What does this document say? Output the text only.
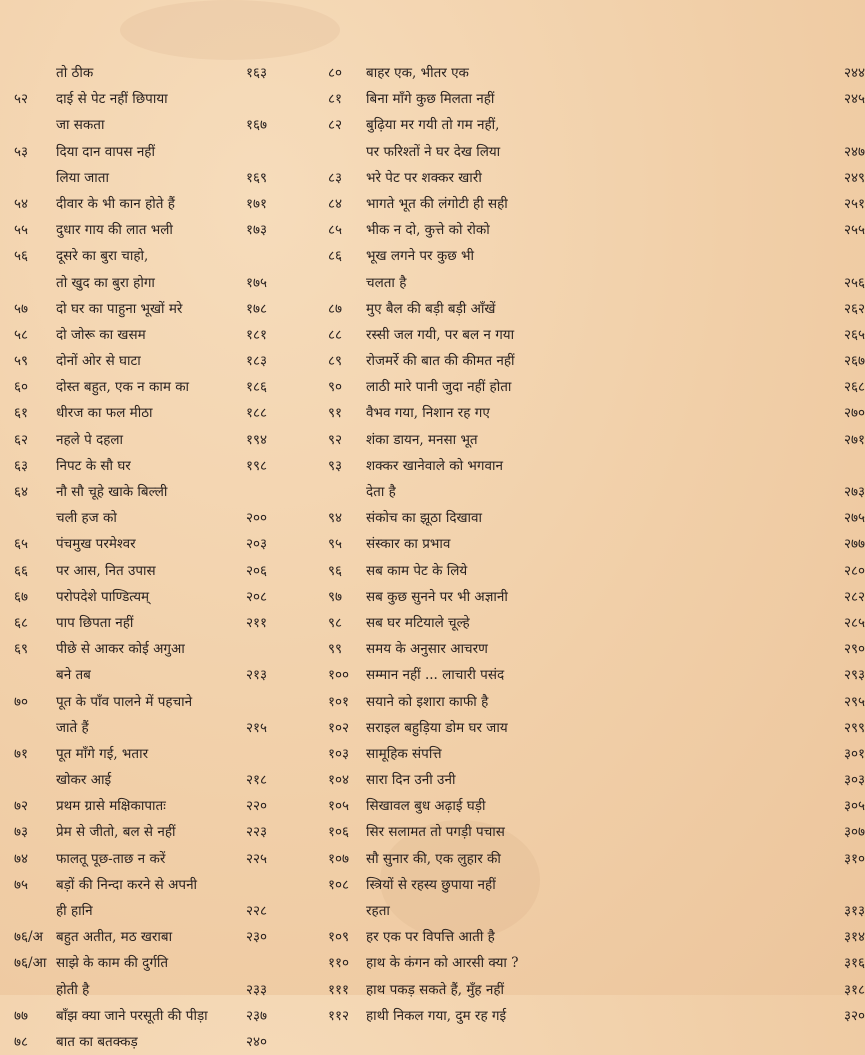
तो ठीक	१६३
५२	दाई से पेट नहीं छिपाया
जा सकता	१६७
५३	दिया दान वापस नहीं
लिया जाता	१६९
५४	दीवार के भी कान होते हैं	१७१
५५	दुधार गाय की लात भली	१७३
५६	दूसरे का बुरा चाहो,
तो खुद का बुरा होगा	१७५
५७	दो घर का पाहुना भूखों मरे	१७८
५८	दो जोरू का खसम	१८१
५९	दोनों ओर से घाटा	१८३
६०	दोस्त बहुत, एक न काम का	१८६
६१	धीरज का फल मीठा	१८८
६२	नहले पे दहला	१९४
६३	निपट के सौ घर	१९८
६४	नौ सौ चूहे खाके बिल्ली
चली हज को	२००
६५	पंचमुख परमेश्वर	२०३
६६	पर आस, नित उपास	२०६
६७	परोपदेशे पाण्डित्यम्	२०८
६८	पाप छिपता नहीं	२११
६९	पीछे से आकर कोई अगुआ
बने तब	२१३
७०	पूत के पाँव पालने में पहचाने
जाते हैं	२१५
७१	पूत माँगे गई, भतार
खोकर आई	२१८
७२	प्रथम ग्रासे मक्षिकापातः	२२०
७३	प्रेम से जीतो, बल से नहीं	२२३
७४	फालतू पूछ-ताछ न करें	२२५
७५	बड़ों की निन्दा करने से अपनी
ही हानि	२२८
७६/अ बहुत अतीत, मठ खराबा	२३०
७६/आ साझे के काम की दुर्गति
होती है	२३३
७७	बाँझ क्या जाने परसूती की पीड़ा	२३७
७८	बात का बतक्कड़	२४०
८०	बाहर एक, भीतर एक	२४४
८१	बिना माँगे कुछ मिलता नहीं	२४५
८२	बुढ़िया मर गयी तो गम नहीं,
पर फरिश्तों ने घर देख लिया	२४७
८३	भरे पेट पर शक्कर खारी	२४९
८४	भागते भूत की लंगोटी ही सही	२५१
८५	भीक न दो, कुत्ते को रोको	२५५
८६	भूख लगने पर कुछ भी
चलता है	२५६
८७	मुए बैल की बड़ी बड़ी आँखें	२६२
८८	रस्सी जल गयी, पर बल न गया	२६५
८९	रोजमर्रे की बात की कीमत नहीं	२६७
९०	लाठी मारे पानी जुदा नहीं होता	२६८
९१	वैभव गया, निशान रह गए	२७०
९२	शंका डायन, मनसा भूत	२७१
९३	शक्कर खानेवाले को भगवान
देता है	२७३
९४	संकोच का झूठा दिखावा	२७५
९५	संस्कार का प्रभाव	२७७
९६	सब काम पेट के लिये	२८०
९७	सब कुछ सुनने पर भी अज्ञानी	२८२
९८	सब घर मटियाले चूल्हे	२८५
९९	समय के अनुसार आचरण	२९०
१००	सम्मान नहीं ... लाचारी पसंद	२९३
१०१	सयाने को इशारा काफी है	२९५
१०२	सराइल बहुड़िया डोम घर जाय	२९९
१०३	सामूहिक संपत्ति	३०१
१०४	सारा दिन उनी उनी	३०३
१०५	सिखावल बुध अढ़ाई घड़ी	३०५
१०६	सिर सलामत तो पगड़ी पचास	३०७
१०७	सौ सुनार की, एक लुहार की	३१०
१०८	स्त्रियों से रहस्य छुपाया नहीं
रहता	३१३
१०९	हर एक पर विपत्ति आती है	३१४
११०	हाथ के कंगन को आरसी क्या ?	३१६
१११	हाथ पकड़ सकते हैं, मुँह नहीं	३१८
११२	हाथी निकल गया, दुम रह गई	३२०
